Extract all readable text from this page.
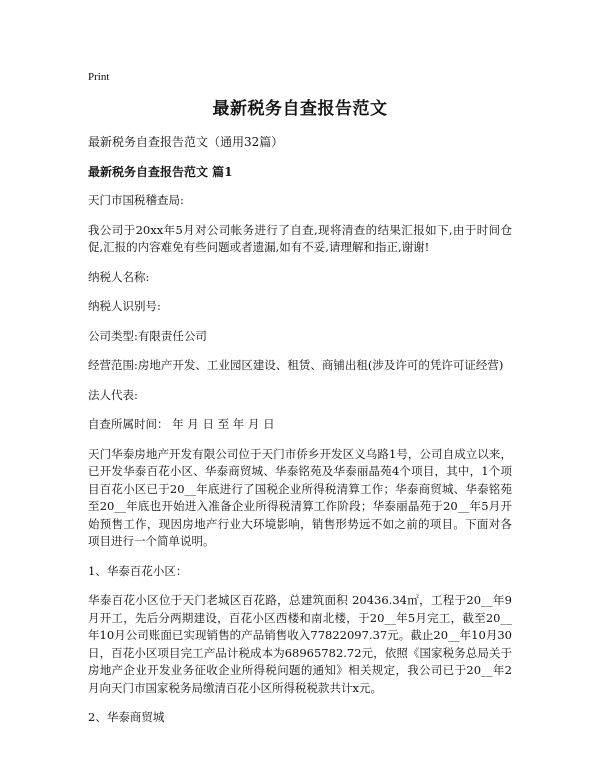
Print
最新税务自查报告范文
最新税务自查报告范文（通用32篇）
最新税务自查报告范文 篇1
天门市国税稽查局:
我公司于20xx年5月对公司帐务进行了自查,现将清查的结果汇报如下,由于时间仓促,汇报的内容难免有些问题或者遗漏,如有不妥,请理解和指正,谢谢!
纳税人名称:
纳税人识别号:
公司类型:有限责任公司
经营范围:房地产开发、工业园区建设、租赁、商铺出租(涉及许可的凭许可证经营)
法人代表:
自查所属时间： 年 月 日 至 年 月 日
天门华泰房地产开发有限公司位于天门市侨乡开发区义乌路1号，公司自成立以来，已开发华泰百花小区、华泰商贸城、华泰铭苑及华泰丽晶苑4个项目，其中，1个项目百花小区已于20__年底进行了国税企业所得税清算工作；华泰商贸城、华泰铭苑至20__年底也开始进入准备企业所得税清算工作阶段；华泰丽晶苑于20__年5月开始预售工作，现因房地产行业大环境影响，销售形势远不如之前的项目。下面对各项目进行一个简单说明。
1、华泰百花小区：
华泰百花小区位于天门老城区百花路，总建筑面积 20436.34㎡，工程于20__年9月开工，先后分两期建设，百花小区西楼和南北楼，于20__年5月完工，截至20__年10月公司账面已实现销售的产品销售收入77822097.37元。截止20__年10月30日，百花小区项目完工产品计税成本为68965782.72元，依照《国家税务总局关于房地产企业开发业务征收企业所得税问题的通知》相关规定，我公司已于20__年2月向天门市国家税务局缴清百花小区所得税税款共计x元。
2、华泰商贸城
